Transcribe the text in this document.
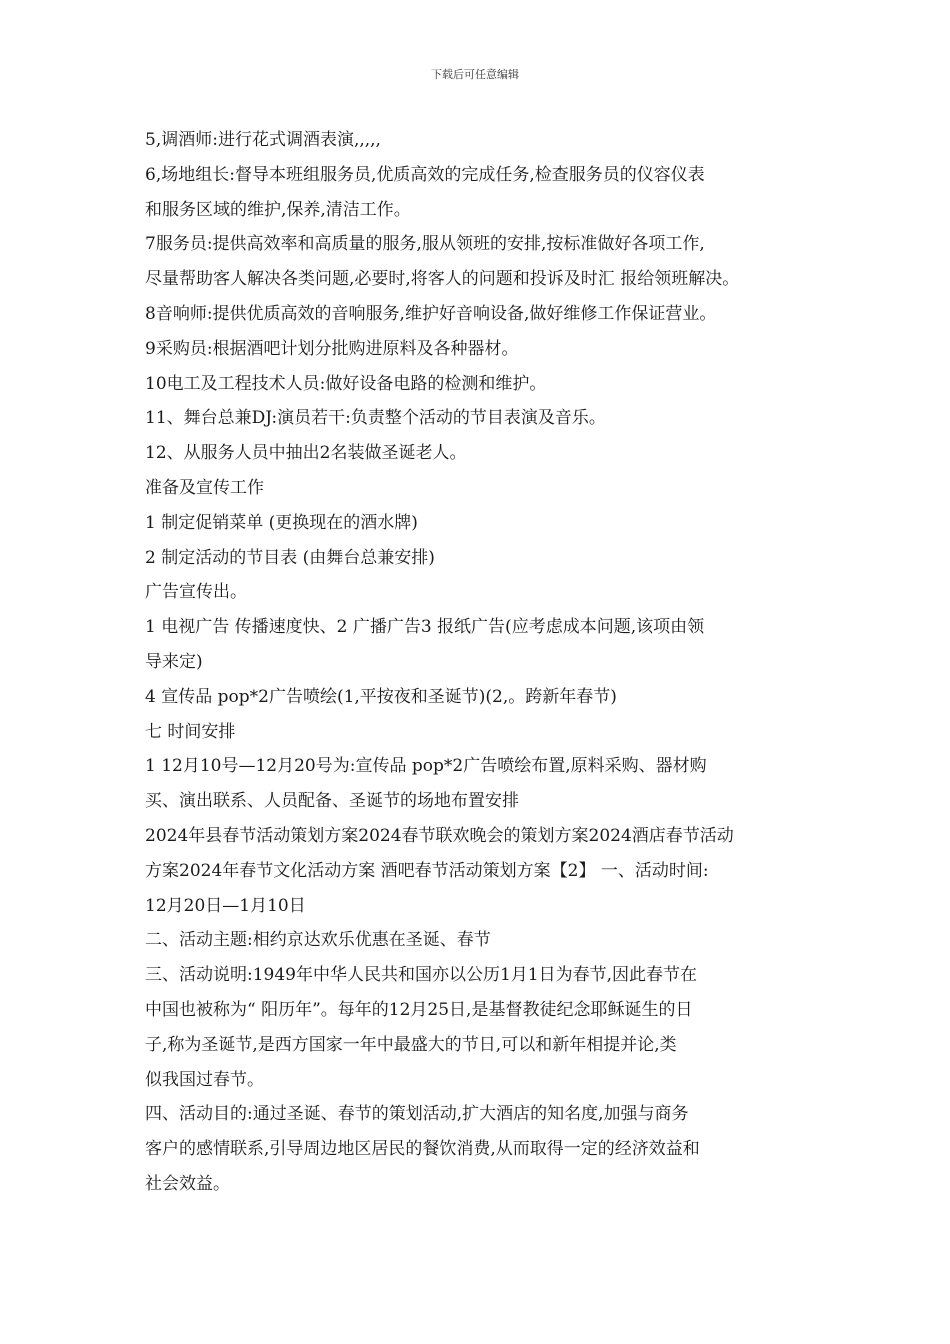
下载后可任意编辑
5,调酒师:进行花式调酒表演,,,,,
6,场地组长:督导本班组服务员,优质高效的完成任务,检查服务员的仪容仪表
和服务区域的维护,保养,清洁工作。
7服务员:提供高效率和高质量的服务,服从领班的安排,按标准做好各项工作,
尽量帮助客人解决各类问题,必要时,将客人的问题和投诉及时汇 报给领班解决。
8音响师:提供优质高效的音响服务,维护好音响设备,做好维修工作保证营业。
9采购员:根据酒吧计划分批购进原料及各种器材。
10电工及工程技术人员:做好设备电路的检测和维护。
11、舞台总兼DJ:演员若干:负责整个活动的节目表演及音乐。
12、从服务人员中抽出2名装做圣诞老人。
准备及宣传工作
1 制定促销菜单 (更换现在的酒水牌)
2 制定活动的节目表 (由舞台总兼安排)
广告宣传出。
1 电视广告 传播速度快、2 广播广告3 报纸广告(应考虑成本问题,该项由领
导来定)
4 宣传品 pop*2广告喷绘(1,平按夜和圣诞节)(2,。跨新年春节)
七 时间安排
1 12月10号—12月20号为:宣传品 pop*2广告喷绘布置,原料采购、器材购
买、演出联系、人员配备、圣诞节的场地布置安排
2024年县春节活动策划方案2024春节联欢晚会的策划方案2024酒店春节活动
方案2024年春节文化活动方案 酒吧春节活动策划方案【2】 一、活动时间:
12月20日—1月10日
二、活动主题:相约京达欢乐优惠在圣诞、春节
三、活动说明:1949年中华人民共和国亦以公历1月1日为春节,因此春节在
中国也被称为“ 阳历年”。每年的12月25日,是基督教徒纪念耶稣诞生的日
子,称为圣诞节,是西方国家一年中最盛大的节日,可以和新年相提并论,类
似我国过春节。
四、活动目的:通过圣诞、春节的策划活动,扩大酒店的知名度,加强与商务
客户的感情联系,引导周边地区居民的餐饮消费,从而取得一定的经济效益和
社会效益。
